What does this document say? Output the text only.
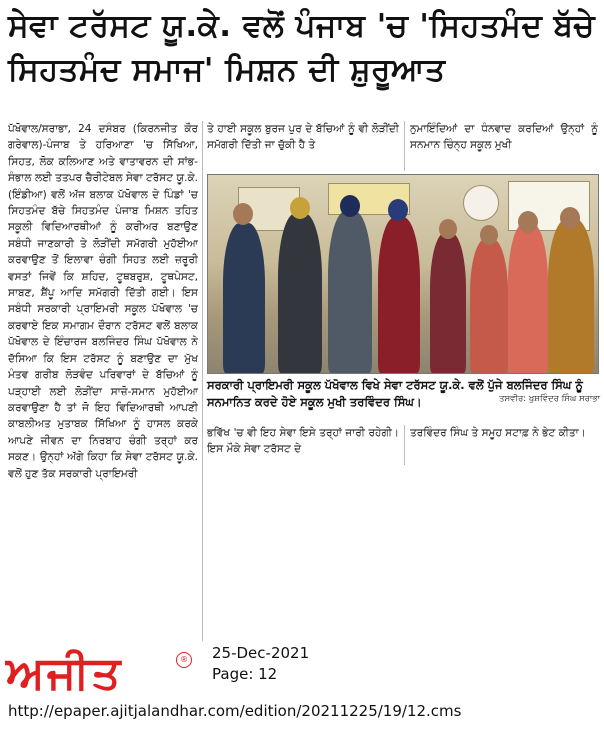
ਸੇਵਾ ਟਰੱਸਟ ਯੂ.ਕੇ. ਵਲੋਂ ਪੰਜਾਬ 'ਚ 'ਸਿਹਤਮੰਦ ਬੱਚੇ ਸਿਹਤਮੰਦ ਸਮਾਜ' ਮਿਸ਼ਨ ਦੀ ਸ਼ੁਰੂਆਤ
ਪੱਖੋਵਾਲ/ਸਰਾਭਾ, 24 ਦਸੰਬਰ (ਕਿਰਨਜੀਤ ਕੌਰ ਗਰੇਵਾਲ)-ਪੰਜਾਬ ਤੇ ਹਰਿਆਣਾ 'ਚ ਸਿੱਖਿਆ, ਸਿਹਤ, ਲੋਕ ਕਲਿਆਣ ਅਤੇ ਵਾਤਾਵਰਨ ਦੀ ਸਾਂਭ-ਸੰਭਾਲ ਲਈ ਤਤਪਰ ਚੈਰੀਟੇਬਲ ਸੇਵਾ ਟਰੱਸਟ ਯੂ.ਕੇ. (ਇੰਡੀਆ) ਵਲੋਂ ਅੱਜ ਬਲਾਕ ਪੱਖੋਵਾਲ ਦੇ ਪਿੰਡਾਂ 'ਚ ਸਿਹਤਮੰਦ ਬੱਚੇ ਸਿਹਤਮੰਦ ਪੰਜਾਬ ਮਿਸ਼ਨ ਤਹਿਤ ਸਕੂਲੀ ਵਿਦਿਆਰਥੀਆਂ ਨੂੰ ਕਰੀਅਰ ਬਣਾਉਣ ਸਬੰਧੀ ਜਾਣਕਾਰੀ ਤੇ ਲੋੜੀਂਦੀ ਸਮੱਗਰੀ ਮੁਹੱਈਆ ਕਰਵਾਉਣ ਤੋਂ ਇਲਾਵਾ ਚੰਗੀ ਸਿਹਤ ਲਈ ਜ਼ਰੂਰੀ ਵਸਤਾਂ ਜਿਵੇਂ ਕਿ ਸ਼ਹਿਦ, ਟੂਥਬਰੁਸ਼, ਟੂਥਪੇਸਟ, ਸਾਬਣ, ਸ਼ੈਂਪੂ ਆਦਿ ਸਮੱਗਰੀ ਦਿੱਤੀ ਗਈ। ਇਸ ਸਬੰਧੀ ਸਰਕਾਰੀ ਪ੍ਰਾਇਮਰੀ ਸਕੂਲ ਪੱਖੋਵਾਲ 'ਚ ਕਰਵਾਏ ਇਕ ਸਮਾਗਮ ਦੌਰਾਨ ਟਰੱਸਟ ਵਲੋਂ ਬਲਾਕ ਪੱਖੋਵਾਲ ਦੇ ਇੰਚਾਰਜ ਬਲਜਿੰਦਰ ਸਿੰਘ ਪੱਖੋਵਾਲ ਨੇ ਦੱਸਿਆ ਕਿ ਇਸ ਟਰੱਸਟ ਨੂੰ ਬਣਾਉਣ ਦਾ ਮੁੱਖ ਮੰਤਵ ਗਰੀਬ ਲੋੜਵੰਦ ਪਰਿਵਾਰਾਂ ਦੇ ਬੱਚਿਆਂ ਨੂੰ ਪੜ੍ਹਾਈ ਲਈ ਲੋੜੀਂਦਾ ਸਾਜ਼ੋ-ਸਮਾਨ ਮੁਹੱਈਆ ਕਰਵਾਉਣਾ ਹੈ ਤਾਂ ਜੋ ਇਹ ਵਿਦਿਆਰਥੀ ਆਪਣੀ ਕਾਬਲੀਅਤ ਮੁਤਾਬਕ ਸਿੱਖਿਆ ਨੂੰ ਹਾਸਲ ਕਰਕੇ ਆਪਣੇ ਜੀਵਨ ਦਾ ਨਿਰਬਾਹ ਚੰਗੀ ਤਰ੍ਹਾਂ ਕਰ ਸਕਣ। ਉਨ੍ਹਾਂ ਅੱਗੇ ਕਿਹਾ ਕਿ ਸੇਵਾ ਟਰੱਸਟ ਯੂ.ਕੇ. ਵਲੋਂ ਹੁਣ ਤੱਕ ਸਰਕਾਰੀ ਪ੍ਰਾਇਮਰੀ
ਤੇ ਹਾਈ ਸਕੂਲ ਬੁਰਜ ਪੁਰ ਦੇ ਬੱਚਿਆਂ ਨੂੰ ਵੀ ਲੋੜੀਂਦੀ ਸਮੱਗਰੀ ਦਿੱਤੀ ਜਾ ਚੁੱਕੀ ਹੈ ਤੇ
ਨੁਮਾਇੰਦਿਆਂ ਦਾ ਧੰਨਵਾਦ ਕਰਦਿਆਂ ਉਨ੍ਹਾਂ ਨੂੰ ਸਨਮਾਨ ਚਿੰਨ੍ਹ ਸਕੂਲ ਮੁਖੀ
ਸਰਕਾਰੀ ਪ੍ਰਾਇਮਰੀ ਸਕੂਲ ਪੱਖੋਵਾਲ ਵਿਖੇ ਸੇਵਾ ਟਰੱਸਟ ਯੂ.ਕੇ. ਵਲੋਂ ਪੁੱਜੇ ਬਲਜਿੰਦਰ ਸਿੰਘ ਨੂੰ ਸਨਮਾਨਿਤ ਕਰਦੇ ਹੋਏ ਸਕੂਲ ਮੁਖੀ ਤਰਵਿੰਦਰ ਸਿੰਘ।	ਤਸਵੀਰ: ਖੁਸ਼ਵਿੰਦਰ ਸਿੰਘ ਸਰਾਭਾ
ਭਵਿੱਖ 'ਚ ਵੀ ਇਹ ਸੇਵਾ ਇਸੇ ਤਰ੍ਹਾਂ ਜਾਰੀ ਰਹੇਗੀ। ਇਸ ਮੌਕੇ ਸੇਵਾ ਟਰੱਸਟ ਦੇ
ਤਰਵਿੰਦਰ ਸਿੰਘ ਤੇ ਸਮੂਹ ਸਟਾਫ਼ ਨੇ ਭੇਟ ਕੀਤਾ।
ਅਜੀਤ	® 25-Dec-2021
Page: 12
http://epaper.ajitjalandhar.com/edition/20211225/19/12.cms
